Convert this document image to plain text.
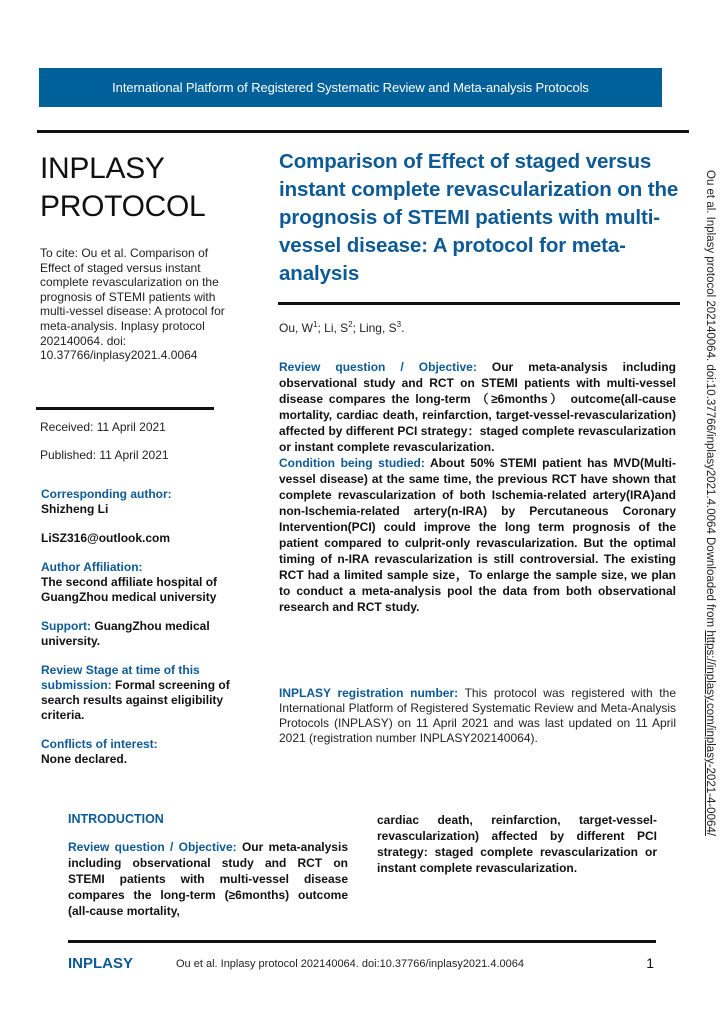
International Platform of Registered Systematic Review and Meta-analysis Protocols
INPLASY
PROTOCOL
To cite: Ou et al. Comparison of Effect of staged versus instant complete revascularization on the prognosis of STEMI patients with multi-vessel disease: A protocol for meta-analysis. Inplasy protocol 202140064. doi: 10.37766/inplasy2021.4.0064
Received: 11 April 2021
Published: 11 April 2021
Corresponding author:
Shizheng Li
LiSZ316@outlook.com
Author Affiliation:
The second affiliate hospital of GuangZhou medical university
Support: GuangZhou medical university.
Review Stage at time of this submission: Formal screening of search results against eligibility criteria.
Conflicts of interest:
None declared.
Comparison of Effect of staged versus instant complete revascularization on the prognosis of STEMI patients with multi-vessel disease: A protocol for meta-analysis
Ou, $W^1$; Li, $S^2$; Ling, $S^3$.

Review question / Objective: Our meta-analysis including observational study and RCT on STEMI patients with multi-vessel disease compares the long-term （≥6months） outcome(all-cause mortality, cardiac death, reinfarction, target-vessel-revascularization) affected by different PCI strategy：staged complete revascularization or instant complete revascularization.

Condition being studied: About 50% STEMI patient has MVD(Multi-vessel disease) at the same time, the previous RCT have shown that complete revascularization of both Ischemia-related artery(IRA)and non-Ischemia-related artery(n-IRA) by Percutaneous Coronary Intervention(PCI) could improve the long term prognosis of the patient compared to culprit-only revascularization. But the optimal timing of n-IRA revascularization is still controversial. The existing RCT had a limited sample size，To enlarge the sample size, we plan to conduct a meta-analysis pool the data from both observational research and RCT study.

INPLASY registration number: This protocol was registered with the International Platform of Registered Systematic Review and Meta-Analysis Protocols (INPLASY) on 11 April 2021 and was last updated on 11 April 2021 (registration number INPLASY202140064).
INTRODUCTION
Review question / Objective: Our meta-analysis including observational study and RCT on STEMI patients with multi-vessel disease compares the long-term (≥6months) outcome (all-cause mortality,
cardiac death, reinfarction, target-vessel-revascularization) affected by different PCI strategy: staged complete revascularization or instant complete revascularization.
INPLASY	Ou et al. Inplasy protocol 202140064. doi:10.37766/inplasy2021.4.0064	1
Ou et al. Inplasy protocol 202140064. doi:10.37766/inplasy2021.4.0064 Downloaded from https://inplasy.com/inplasy-2021-4-0064/
